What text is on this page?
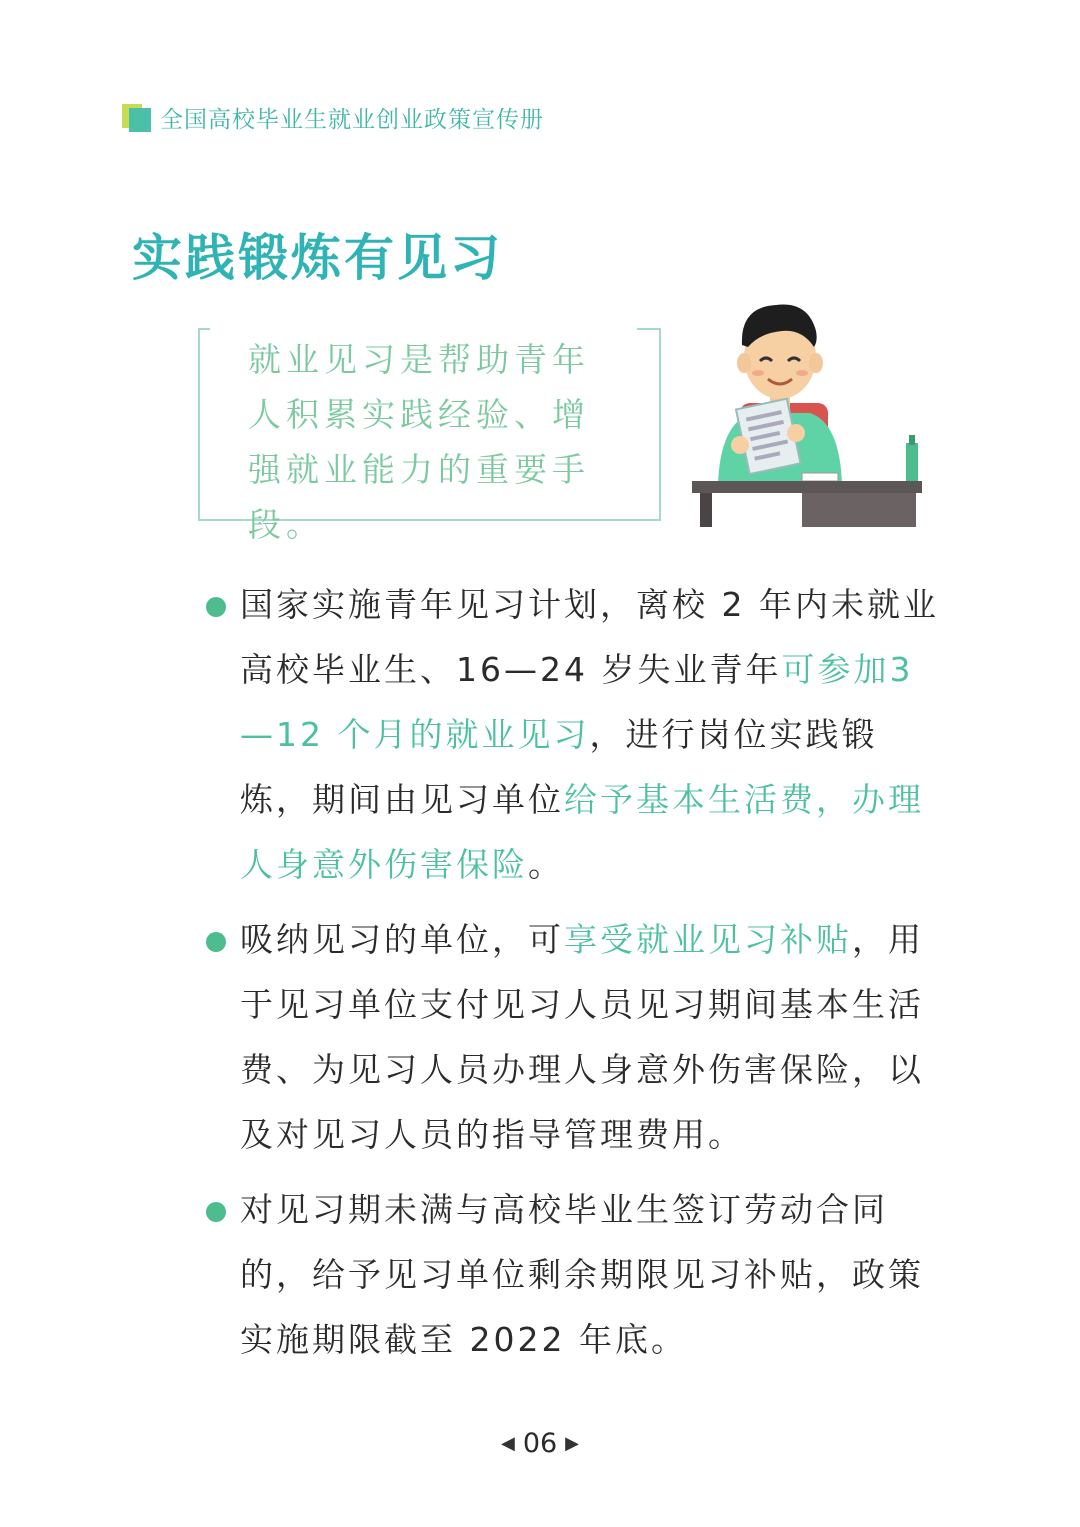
全国高校毕业生就业创业政策宣传册
实践锻炼有见习
就业见习是帮助青年人积累实践经验、增强就业能力的重要手段。
国家实施青年见习计划，离校 2 年内未就业高校毕业生、16—24 岁失业青年可参加3—12 个月的就业见习，进行岗位实践锻炼，期间由见习单位给予基本生活费，办理人身意外伤害保险。
吸纳见习的单位，可享受就业见习补贴，用于见习单位支付见习人员见习期间基本生活费、为见习人员办理人身意外伤害保险，以及对见习人员的指导管理费用。
对见习期未满与高校毕业生签订劳动合同的，给予见习单位剩余期限见习补贴，政策实施期限截至 2022 年底。
◀ 06 ▶
